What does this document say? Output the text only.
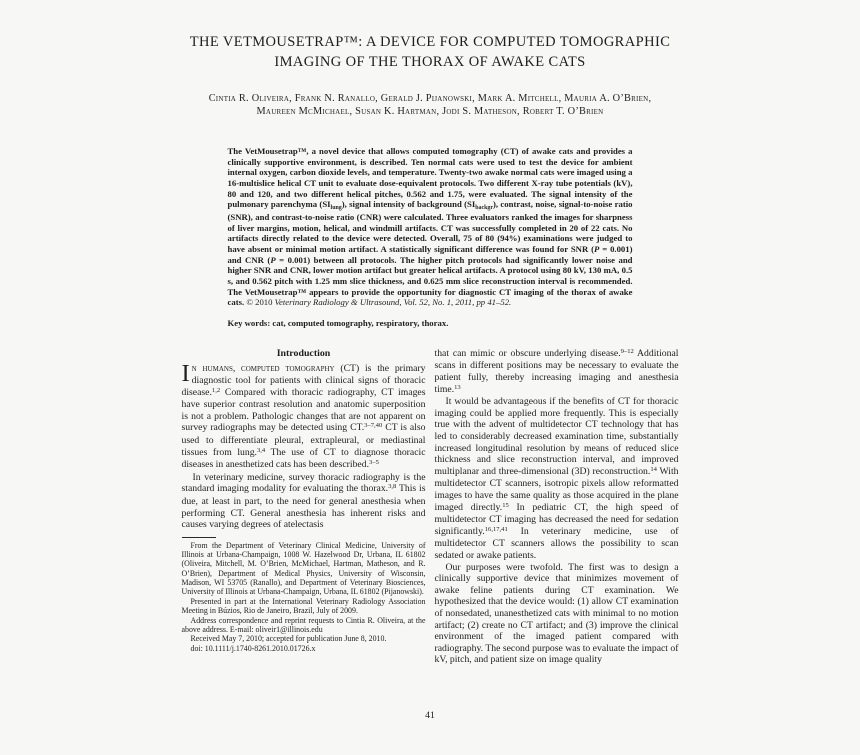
THE VETMOUSETRAP™: A DEVICE FOR COMPUTED TOMOGRAPHIC
IMAGING OF THE THORAX OF AWAKE CATS
Cintia R. Oliveira, Frank N. Ranallo, Gerald J. Pijanowski, Mark A. Mitchell, Mauria A. O’Brien,
Maureen McMichael, Susan K. Hartman, Jodi S. Matheson, Robert T. O’Brien

The VetMousetrap™, a novel device that allows computed tomography (CT) of awake cats and provides a clinically supportive environment, is described. Ten normal cats were used to test the device for ambient internal oxygen, carbon dioxide levels, and temperature. Twenty-two awake normal cats were imaged using a 16-multislice helical CT unit to evaluate dose-equivalent protocols. Two different X-ray tube potentials (kV), 80 and 120, and two different helical pitches, 0.562 and 1.75, were evaluated. The signal intensity of the pulmonary parenchyma (SIlung), signal intensity of background (SIbackgr), contrast, noise, signal-to-noise ratio (SNR), and contrast-to-noise ratio (CNR) were calculated. Three evaluators ranked the images for sharpness of liver margins, motion, helical, and windmill artifacts. CT was successfully completed in 20 of 22 cats. No artifacts directly related to the device were detected. Overall, 75 of 80 (94%) examinations were judged to have absent or minimal motion artifact. A statistically significant difference was found for SNR (P = 0.001) and CNR (P = 0.001) between all protocols. The higher pitch protocols had significantly lower noise and higher SNR and CNR, lower motion artifact but greater helical artifacts. A protocol using 80 kV, 130 mA, 0.5 s, and 0.562 pitch with 1.25 mm slice thickness, and 0.625 mm slice reconstruction interval is recommended. The VetMousetrap™ appears to provide the opportunity for diagnostic CT imaging of the thorax of awake cats. © 2010 Veterinary Radiology & Ultrasound, Vol. 52, No. 1, 2011, pp 41–52.

Key words: cat, computed tomography, respiratory, thorax.

Introduction

In humans, computed tomography (CT) is the primary diagnostic tool for patients with clinical signs of thoracic disease.$^{1,2}$ Compared with thoracic radiography, CT images have superior contrast resolution and anatomic superposition is not a problem. Pathologic changes that are not apparent on survey radiographs may be detected using CT.$^{3-7,40}$ CT is also used to differentiate pleural, extrapleural, or mediastinal tissues from lung.$^{3,4}$ The use of CT to diagnose thoracic diseases in anesthetized cats has been described.$^{3-5}$

In veterinary medicine, survey thoracic radiography is the standard imaging modality for evaluating the thorax.$^{3,8}$ This is due, at least in part, to the need for general anesthesia when performing CT. General anesthesia has inherent risks and causes varying degrees of atelectasis

From the Department of Veterinary Clinical Medicine, University of Illinois at Urbana-Champaign, 1008 W. Hazelwood Dr, Urbana, IL 61802 (Oliveira, Mitchell, M. O’Brien, McMichael, Hartman, Matheson, and R. O’Brien), Department of Medical Physics, University of Wisconsin, Madison, WI 53705 (Ranallo), and Department of Veterinary Biosciences, University of Illinois at Urbana-Champaign, Urbana, IL 61802 (Pijanowski).

Presented in part at the International Veterinary Radiology Association Meeting in Búzios, Rio de Janeiro, Brazil, July of 2009.

Address correspondence and reprint requests to Cintia R. Oliveira, at the above address. E-mail: oliveir1@illinois.edu

Received May 7, 2010; accepted for publication June 8, 2010.

doi: 10.1111/j.1740-8261.2010.01726.x

that can mimic or obscure underlying disease.$^{9-12}$ Additional scans in different positions may be necessary to evaluate the patient fully, thereby increasing imaging and anesthesia time.$^{13}$

It would be advantageous if the benefits of CT for thoracic imaging could be applied more frequently. This is especially true with the advent of multidetector CT technology that has led to considerably decreased examination time, substantially increased longitudinal resolution by means of reduced slice thickness and slice reconstruction interval, and improved multiplanar and three-dimensional (3D) reconstruction.$^{14}$ With multidetector CT scanners, isotropic pixels allow reformatted images to have the same quality as those acquired in the plane imaged directly.$^{15}$ In pediatric CT, the high speed of multidetector CT imaging has decreased the need for sedation significantly.$^{16,17,41}$ In veterinary medicine, use of multidetector CT scanners allows the possibility to scan sedated or awake patients.

Our purposes were twofold. The first was to design a clinically supportive device that minimizes movement of awake feline patients during CT examination. We hypothesized that the device would: (1) allow CT examination of nonsedated, unanesthetized cats with minimal to no motion artifact; (2) create no CT artifact; and (3) improve the clinical environment of the imaged patient compared with radiography. The second purpose was to evaluate the impact of kV, pitch, and patient size on image quality

41
